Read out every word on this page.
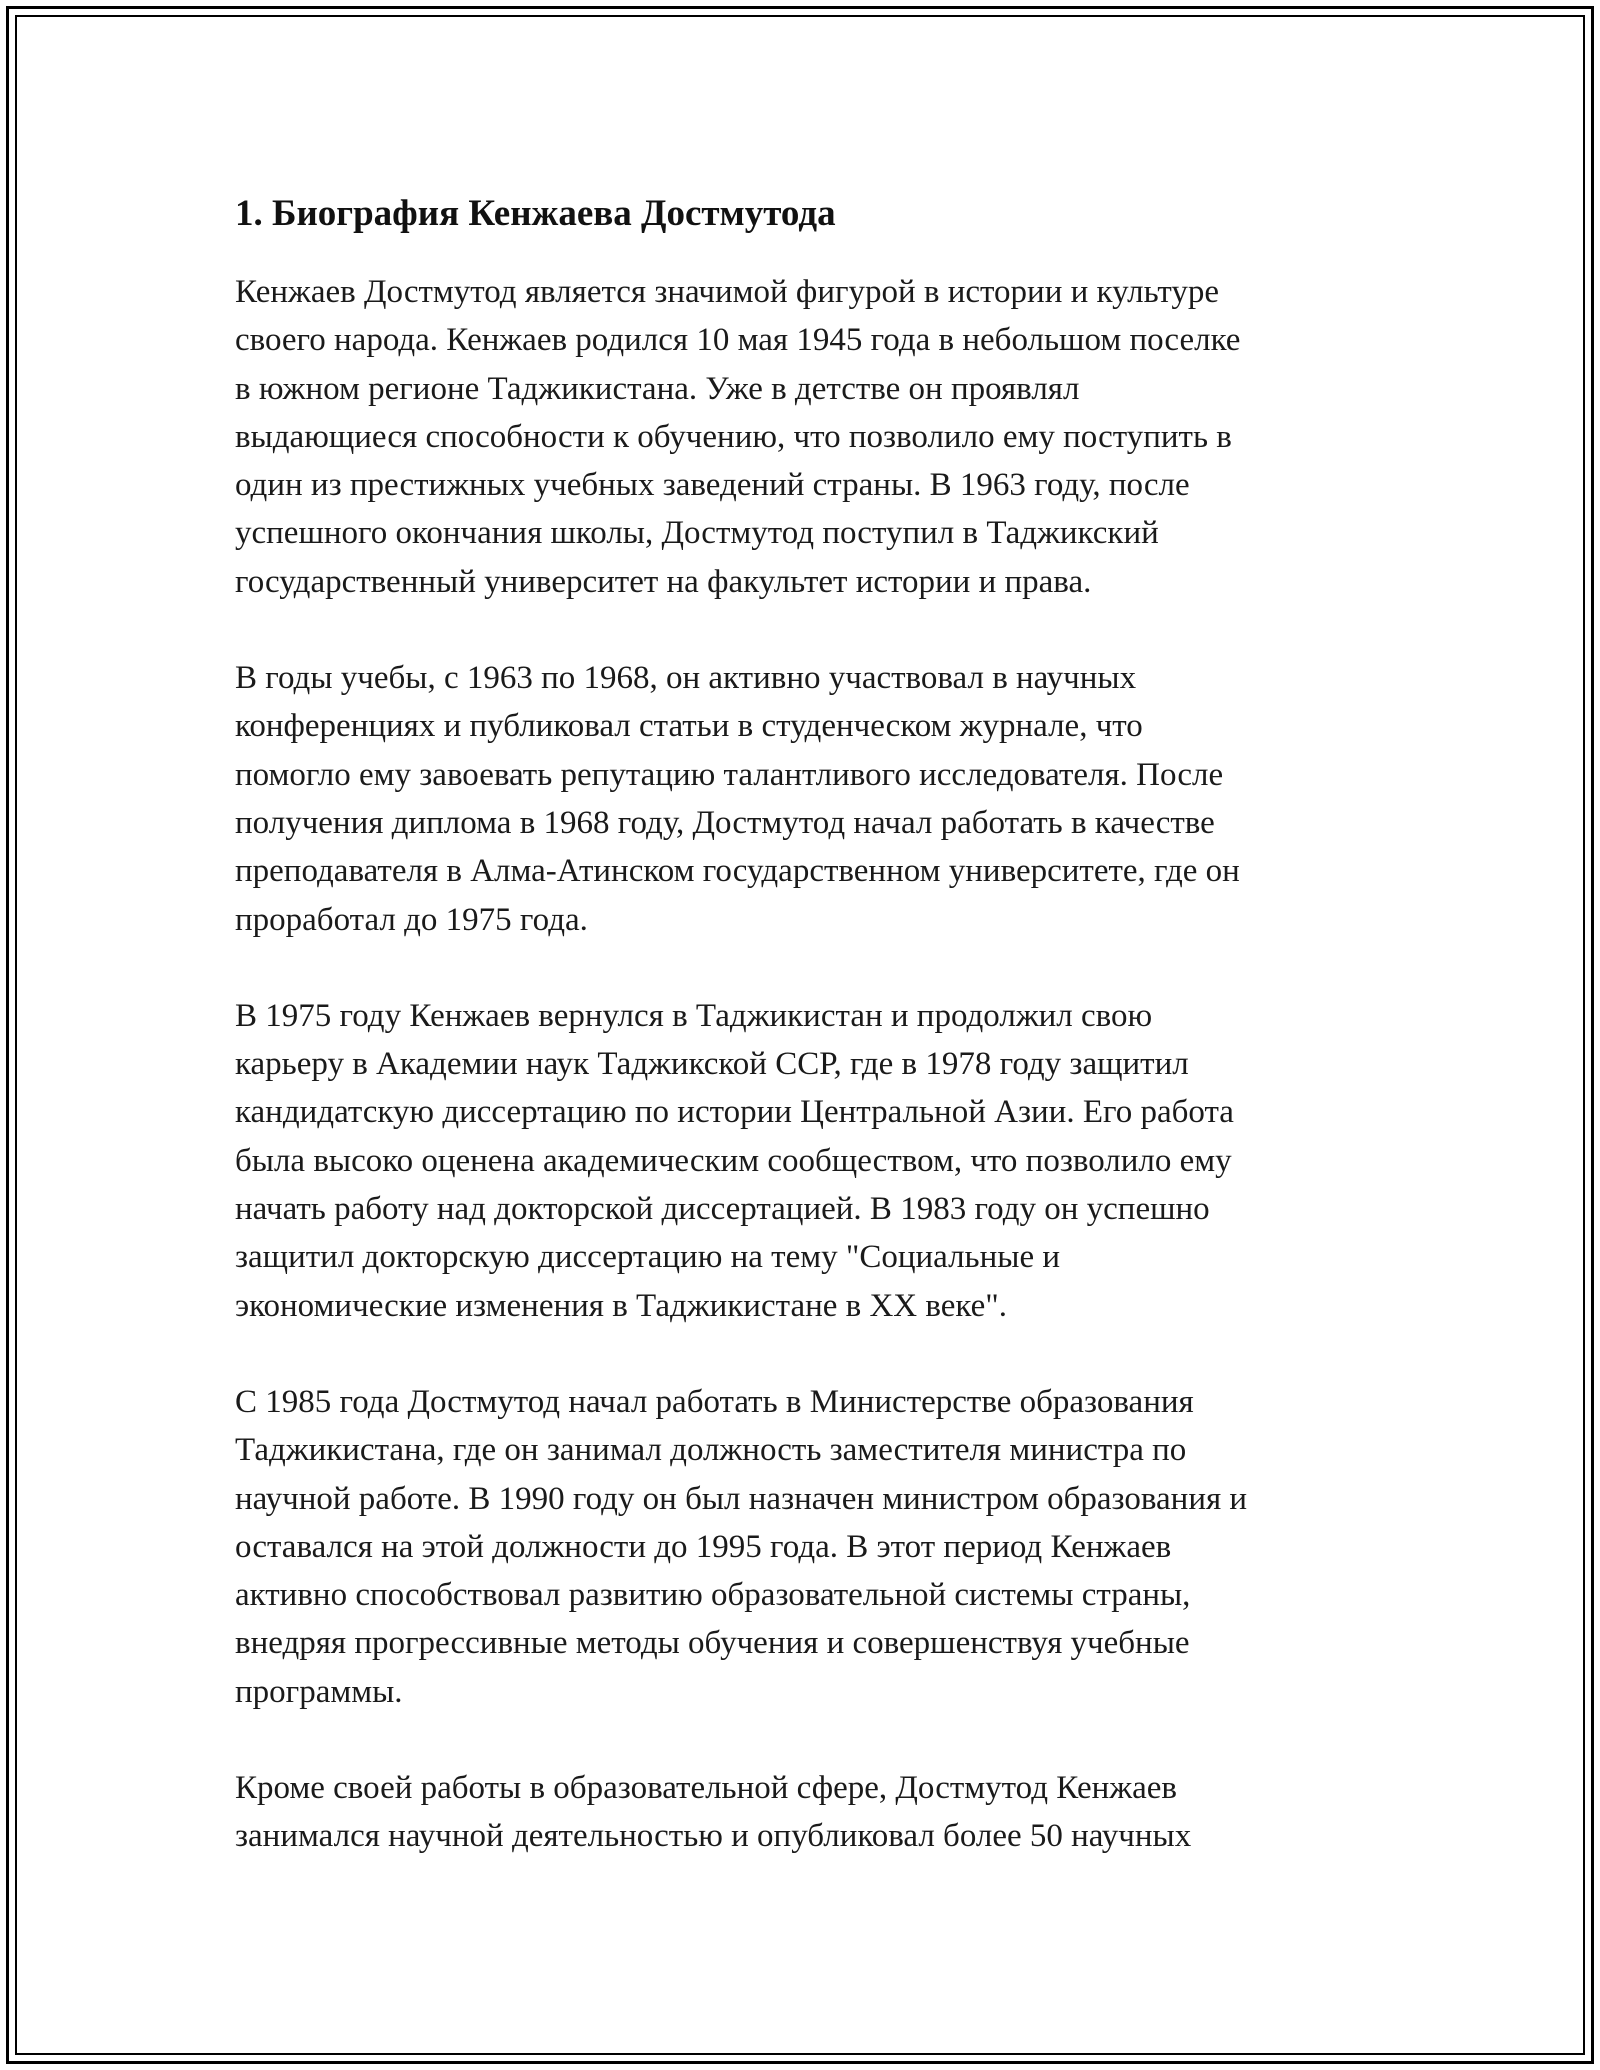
1. Биография Кенжаева Достмутода

Кенжаев Достмутод является значимой фигурой в истории и культуре
своего народа. Кенжаев родился 10 мая 1945 года в небольшом поселке
в южном регионе Таджикистана. Уже в детстве он проявлял
выдающиеся способности к обучению, что позволило ему поступить в
один из престижных учебных заведений страны. В 1963 году, после
успешного окончания школы, Достмутод поступил в Таджикский
государственный университет на факультет истории и права.

В годы учебы, с 1963 по 1968, он активно участвовал в научных
конференциях и публиковал статьи в студенческом журнале, что
помогло ему завоевать репутацию талантливого исследователя. После
получения диплома в 1968 году, Достмутод начал работать в качестве
преподавателя в Алма-Атинском государственном университете, где он
проработал до 1975 года.

В 1975 году Кенжаев вернулся в Таджикистан и продолжил свою
карьеру в Академии наук Таджикской ССР, где в 1978 году защитил
кандидатскую диссертацию по истории Центральной Азии. Его работа
была высоко оценена академическим сообществом, что позволило ему
начать работу над докторской диссертацией. В 1983 году он успешно
защитил докторскую диссертацию на тему "Социальные и
экономические изменения в Таджикистане в XX веке".

С 1985 года Достмутод начал работать в Министерстве образования
Таджикистана, где он занимал должность заместителя министра по
научной работе. В 1990 году он был назначен министром образования и
оставался на этой должности до 1995 года. В этот период Кенжаев
активно способствовал развитию образовательной системы страны,
внедряя прогрессивные методы обучения и совершенствуя учебные
программы.

Кроме своей работы в образовательной сфере, Достмутод Кенжаев
занимался научной деятельностью и опубликовал более 50 научных
